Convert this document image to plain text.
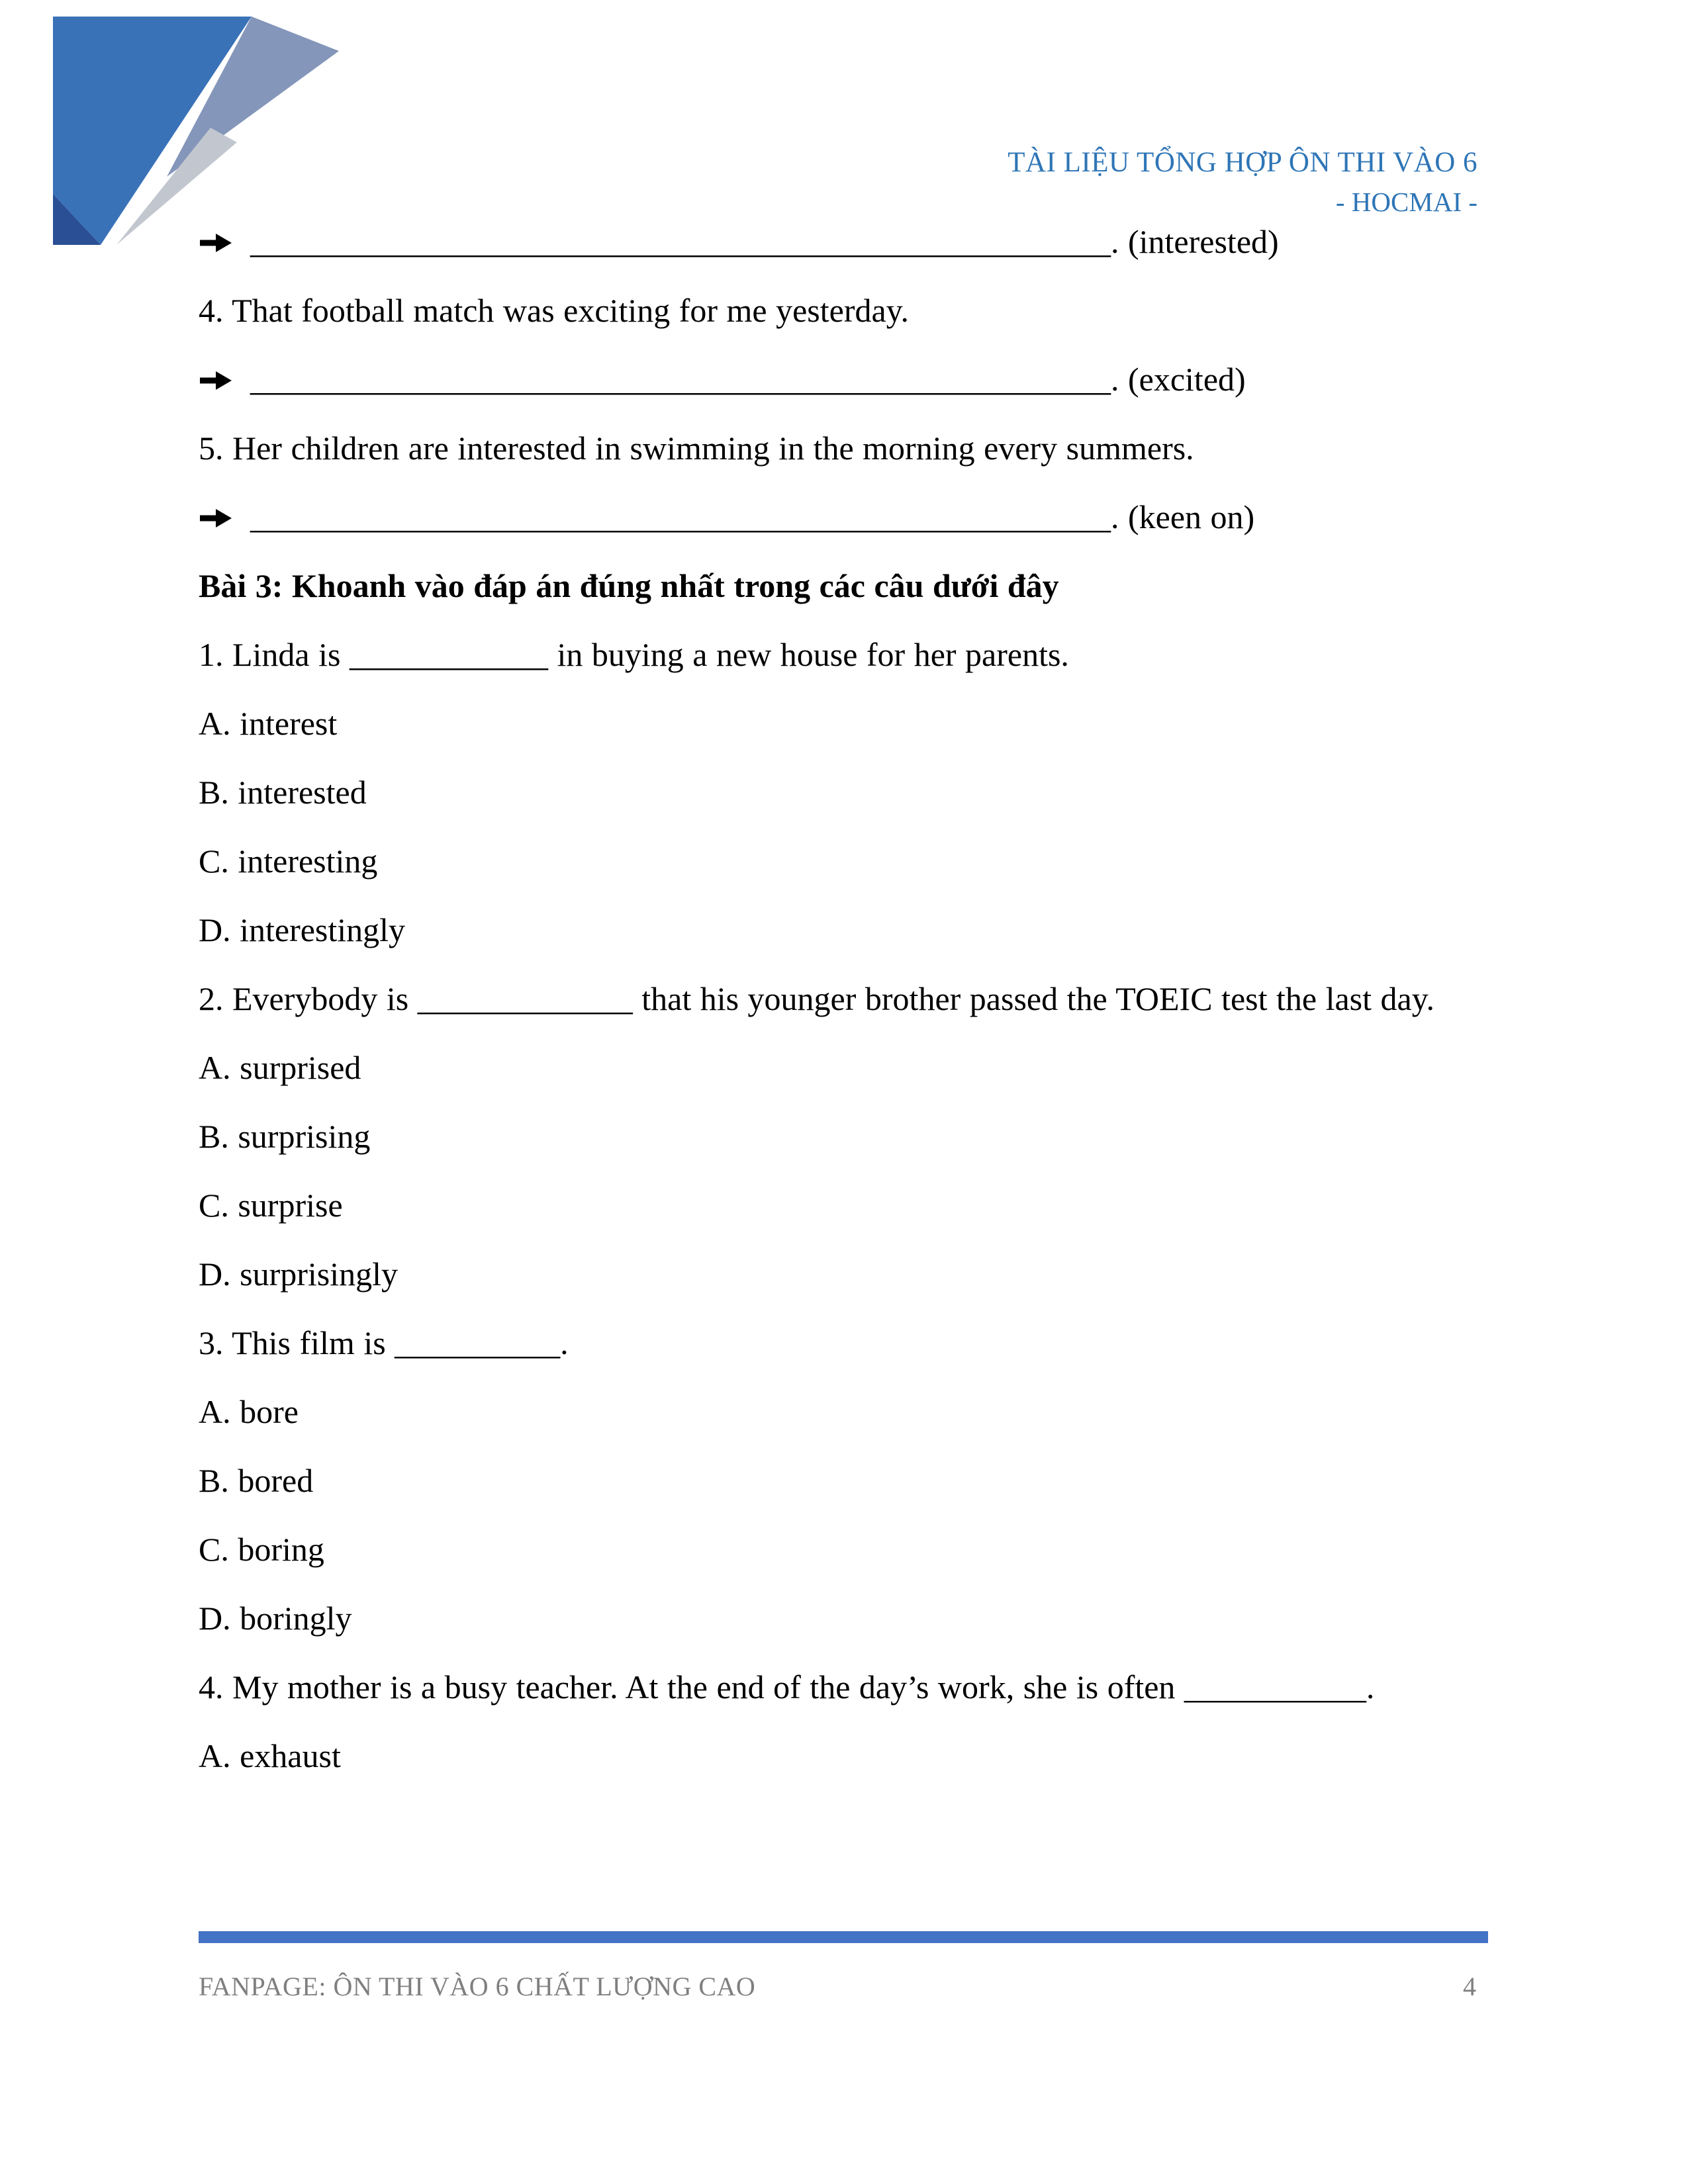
TÀI LIỆU TỔNG HỢP ÔN THI VÀO 6
- HOCMAI -

____________________________________________________. (interested)

4. That football match was exciting for me yesterday.

____________________________________________________. (excited)

5. Her children are interested in swimming in the morning every summers.

____________________________________________________. (keen on)

Bài 3: Khoanh vào đáp án đúng nhất trong các câu dưới đây

1. Linda is ____________ in buying a new house for her parents.

A. interest

B. interested

C. interesting

D. interestingly

2. Everybody is _____________ that his younger brother passed the TOEIC test the last day.

A. surprised

B. surprising

C. surprise

D. surprisingly

3. This film is __________.

A. bore

B. bored

C. boring

D. boringly

4. My mother is a busy teacher. At the end of the day’s work, she is often ___________.

A. exhaust

FANPAGE: ÔN THI VÀO 6 CHẤT LƯỢNG CAO	4
